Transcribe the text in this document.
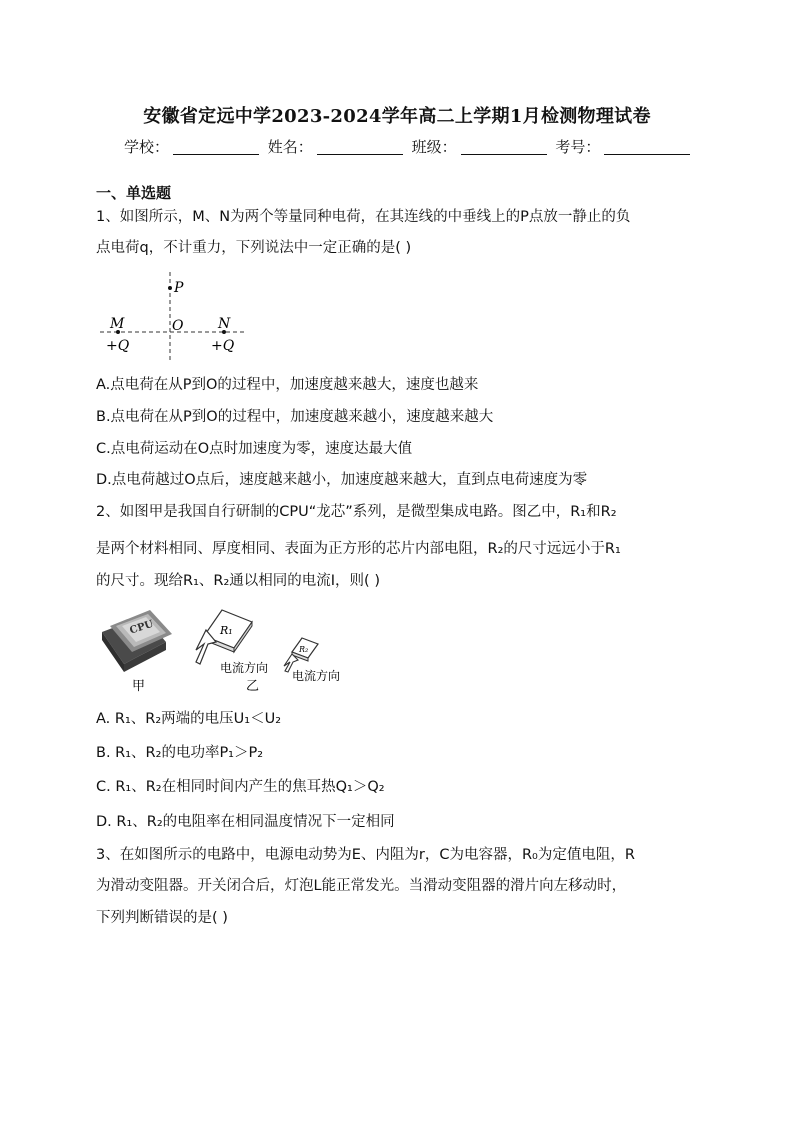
安徽省定远中学2023-2024学年高二上学期1月检测物理试卷
学校：	姓名：	班级：	考号：
一、单选题
1、如图所示，M、N为两个等量同种电荷，在其连线的中垂线上的P点放一静止的负
点电荷q，不计重力，下列说法中一定正确的是( )
P
M	O N
+Q	+Q
A.点电荷在从P到O的过程中，加速度越来越大，速度也越来
B.点电荷在从P到O的过程中，加速度越来越小，速度越来越大
C.点电荷运动在O点时加速度为零，速度达最大值
D.点电荷越过O点后，速度越来越小，加速度越来越大，直到点电荷速度为零
2、如图甲是我国自行研制的CPU“龙芯”系列，是微型集成电路。图乙中，R₁和R₂
是两个材料相同、厚度相同、表面为正方形的芯片内部电阻，R₂的尺寸远远小于R₁
的尺寸。现给R₁、R₂通以相同的电流I，则( )
CPU
甲
R₁
电流方向
乙
R₂
电流方向
A. R₁、R₂两端的电压U₁＜U₂
B. R₁、R₂的电功率P₁＞P₂
C. R₁、R₂在相同时间内产生的焦耳热Q₁＞Q₂
D. R₁、R₂的电阻率在相同温度情况下一定相同
3、在如图所示的电路中，电源电动势为E、内阻为r，C为电容器，R₀为定值电阻，R
为滑动变阻器。开关闭合后，灯泡L能正常发光。当滑动变阻器的滑片向左移动时，
下列判断错误的是( )
